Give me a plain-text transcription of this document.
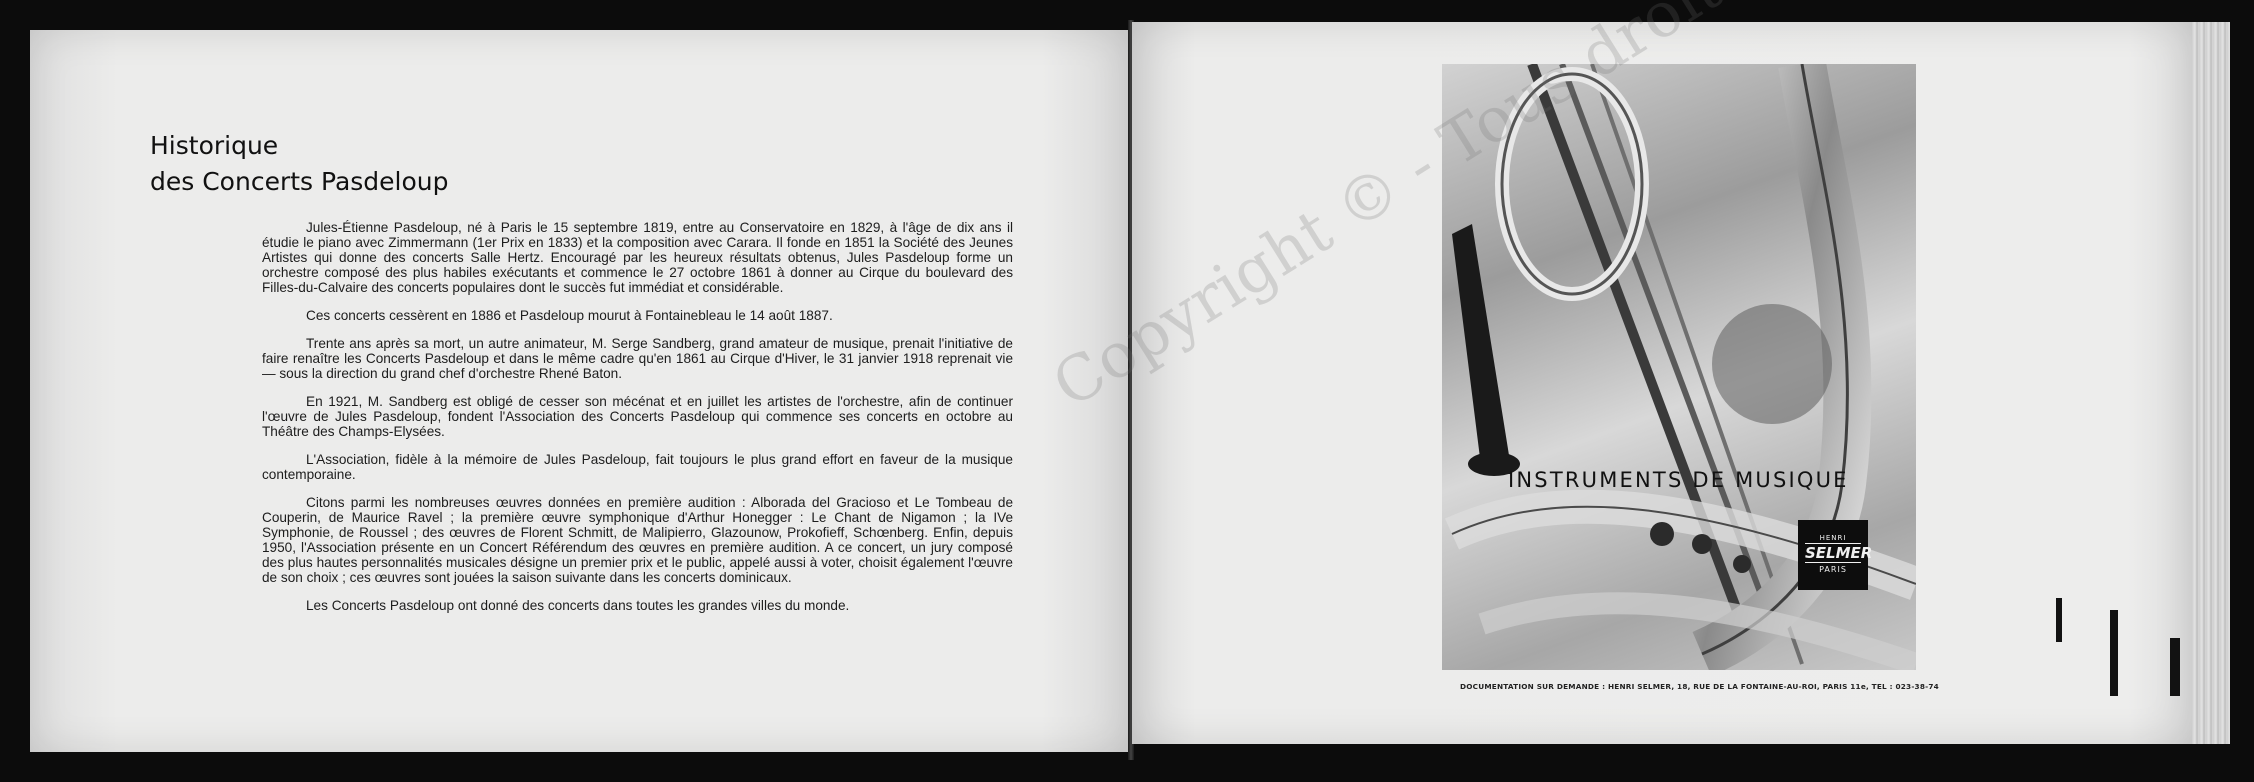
Historique
des Concerts Pasdeloup

Jules-Étienne Pasdeloup, né à Paris le 15 septembre 1819, entre au Conservatoire en 1829, à l'âge de dix ans il étudie le piano avec Zimmermann (1er Prix en 1833) et la composition avec Carara. Il fonde en 1851 la Société des Jeunes Artistes qui donne des concerts Salle Hertz. Encouragé par les heureux résultats obtenus, Jules Pasdeloup forme un orchestre composé des plus habiles exécutants et commence le 27 octobre 1861 à donner au Cirque du boulevard des Filles-du-Calvaire des concerts populaires dont le succès fut immédiat et considérable.

Ces concerts cessèrent en 1886 et Pasdeloup mourut à Fontainebleau le 14 août 1887.

Trente ans après sa mort, un autre animateur, M. Serge Sandberg, grand amateur de musique, prenait l'initiative de faire renaître les Concerts Pasdeloup et dans le même cadre qu'en 1861 au Cirque d'Hiver, le 31 janvier 1918 reprenait vie — sous la direction du grand chef d'orchestre Rhené Baton.

En 1921, M. Sandberg est obligé de cesser son mécénat et en juillet les artistes de l'orchestre, afin de continuer l'œuvre de Jules Pasdeloup, fondent l'Association des Concerts Pasdeloup qui commence ses concerts en octobre au Théâtre des Champs-Elysées.

L'Association, fidèle à la mémoire de Jules Pasdeloup, fait toujours le plus grand effort en faveur de la musique contemporaine.

Citons parmi les nombreuses œuvres données en première audition : Alborada del Gracioso et Le Tombeau de Couperin, de Maurice Ravel ; la première œuvre symphonique d'Arthur Honegger : Le Chant de Nigamon ; la IVe Symphonie, de Roussel ; des œuvres de Florent Schmitt, de Malipierro, Glazounow, Prokofieff, Schœnberg. Enfin, depuis 1950, l'Association présente en un Concert Référendum des œuvres en première audition. A ce concert, un jury composé des plus hautes personnalités musicales désigne un premier prix et le public, appelé aussi à voter, choisit également l'œuvre de son choix ; ces œuvres sont jouées la saison suivante dans les concerts dominicaux.

Les Concerts Pasdeloup ont donné des concerts dans toutes les grandes villes du monde.

INSTRUMENTS DE MUSIQUE
HENRI
SELMER
PARIS
DOCUMENTATION SUR DEMANDE : HENRI SELMER, 18, RUE DE LA FONTAINE-AU-ROI, PARIS 11e, TEL : 023-38-74
Copyright © - Tous droits
